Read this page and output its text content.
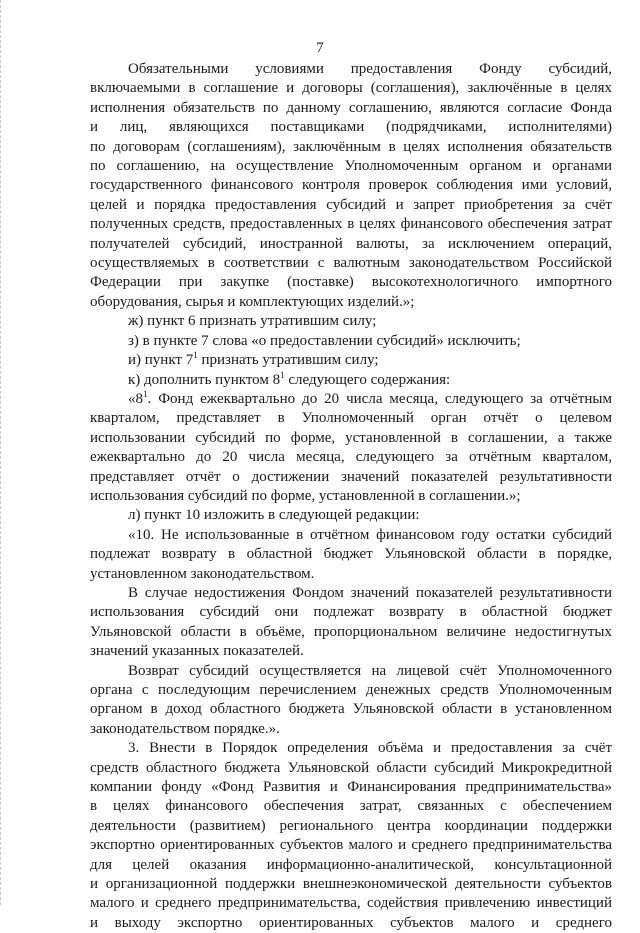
7

Обязательными условиями предоставления Фонду субсидий,

включаемыми в соглашение и договоры (соглашения), заключённые в целях

исполнения обязательств по данному соглашению, являются согласие Фонда

и лиц, являющихся поставщиками (подрядчиками, исполнителями)

по договорам (соглашениям), заключённым в целях исполнения обязательств

по соглашению, на осуществление Уполномоченным органом и органами

государственного финансового контроля проверок соблюдения ими условий,

целей и порядка предоставления субсидий и запрет приобретения за счёт

полученных средств, предоставленных в целях финансового обеспечения затрат

получателей субсидий, иностранной валюты, за исключением операций,

осуществляемых в соответствии с валютным законодательством Российской

Федерации при закупке (поставке) высокотехнологичного импортного

оборудования, сырья и комплектующих изделий.»;

ж) пункт 6 признать утратившим силу;

з) в пункте 7 слова «о предоставлении субсидий» исключить;

и) пункт $7^1$ признать утратившим силу;

к) дополнить пунктом $8^1$ следующего содержания:

«$8^1$. Фонд ежеквартально до 20 числа месяца, следующего за отчётным

кварталом, представляет в Уполномоченный орган отчёт о целевом

использовании субсидий по форме, установленной в соглашении, а также

ежеквартально до 20 числа месяца, следующего за отчётным кварталом,

представляет отчёт о достижении значений показателей результативности

использования субсидий по форме, установленной в соглашении.»;

л) пункт 10 изложить в следующей редакции:

«10. Не использованные в отчётном финансовом году остатки субсидий

подлежат возврату в областной бюджет Ульяновской области в порядке,

установленном законодательством.

В случае недостижения Фондом значений показателей результативности

использования субсидий они подлежат возврату в областной бюджет

Ульяновской области в объёме, пропорциональном величине недостигнутых

значений указанных показателей.

Возврат субсидий осуществляется на лицевой счёт Уполномоченного

органа с последующим перечислением денежных средств Уполномоченным

органом в доход областного бюджета Ульяновской области в установленном

законодательством порядке.».

3. Внести в Порядок определения объёма и предоставления за счёт

средств областного бюджета Ульяновской области субсидий Микрокредитной

компании фонду «Фонд Развития и Финансирования предпринимательства»

в целях финансового обеспечения затрат, связанных с обеспечением

деятельности (развитием) регионального центра координации поддержки

экспортно ориентированных субъектов малого и среднего предпринимательства

для целей оказания информационно-аналитической, консультационной

и организационной поддержки внешнеэкономической деятельности субъектов

малого и среднего предпринимательства, содействия привлечению инвестиций

и выходу экспортно ориентированных субъектов малого и среднего
